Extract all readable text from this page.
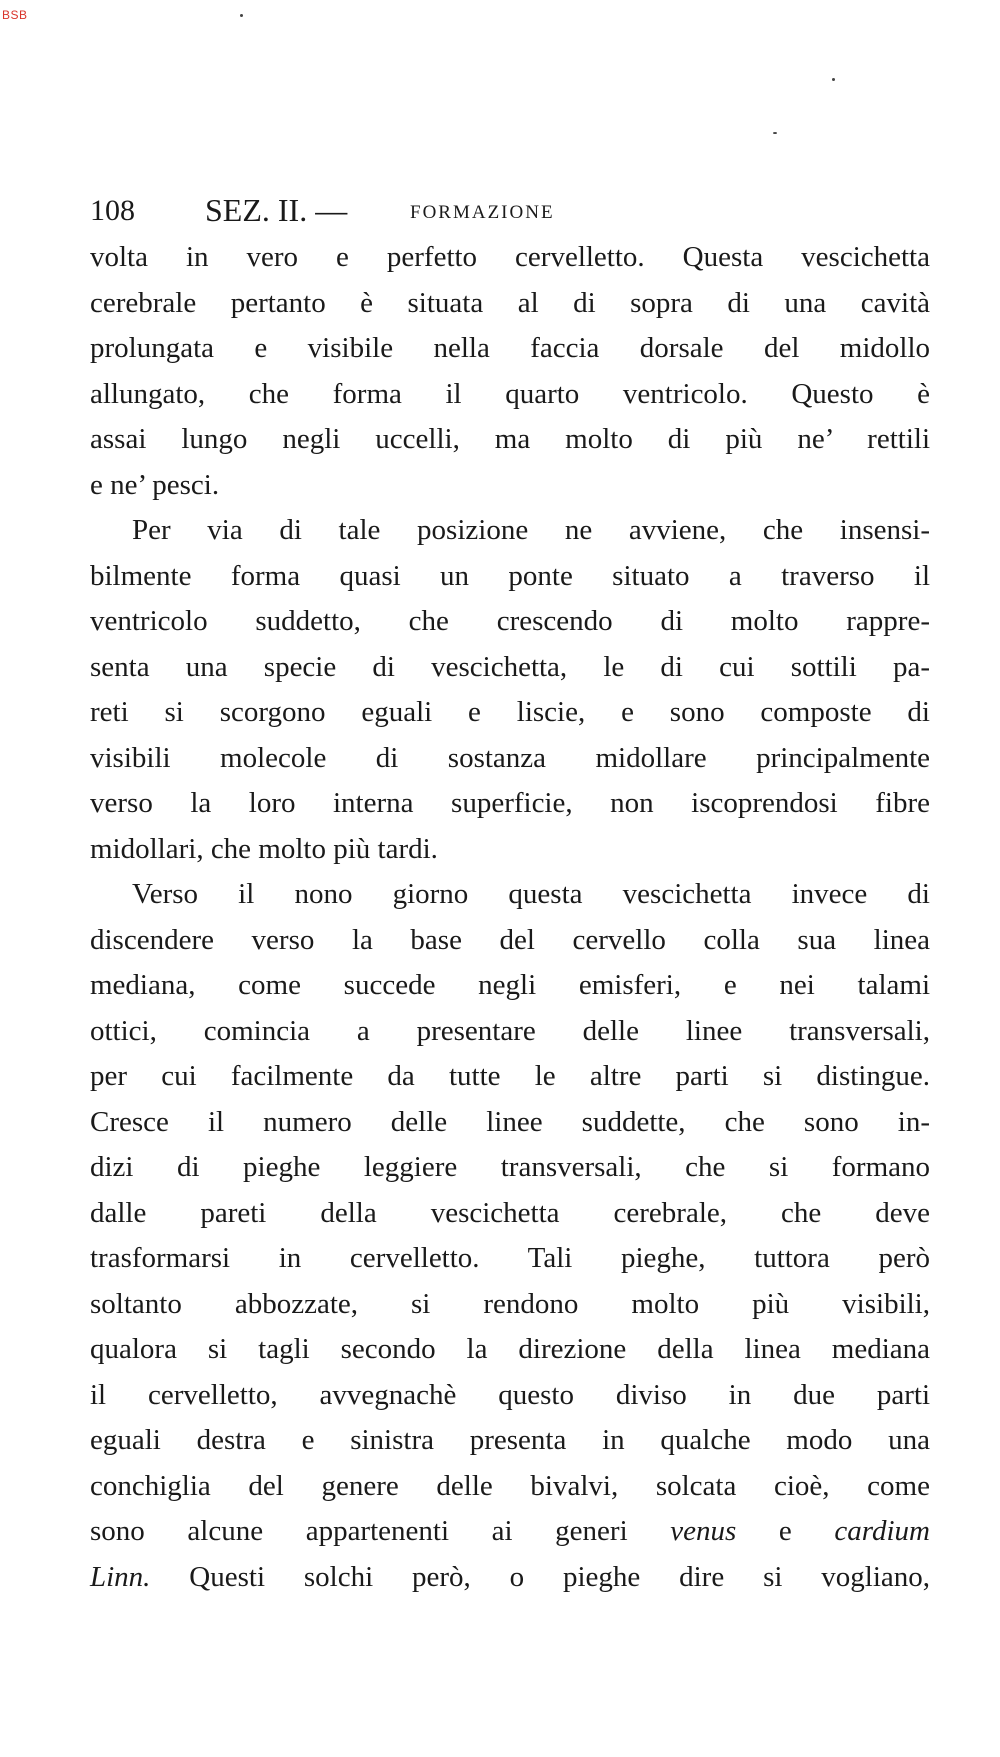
BSB
108 SEZ. II. —	FORMAZIONE
volta in vero e perfetto cervelletto. Questa vescichetta
cerebrale pertanto è situata al di sopra di una cavità
prolungata e visibile nella faccia dorsale del midollo
allungato, che forma il quarto ventricolo. Questo è
assai lungo negli uccelli, ma molto di più ne’ rettili
e ne’ pesci.
Per via di tale posizione ne avviene, che insensi-
bilmente forma quasi un ponte situato a traverso il
ventricolo suddetto, che crescendo di molto rappre-
senta una specie di vescichetta, le di cui sottili pa-
reti si scorgono eguali e liscie, e sono composte di
visibili molecole di sostanza midollare principalmente
verso la loro interna superficie, non iscoprendosi fibre
midollari, che molto più tardi.
Verso il nono giorno questa vescichetta invece di
discendere verso la base del cervello colla sua linea
mediana, come succede negli emisferi, e nei talami
ottici, comincia a presentare delle linee transversali,
per cui facilmente da tutte le altre parti si distingue.
Cresce il numero delle linee suddette, che sono in-
dizi di pieghe leggiere transversali, che si formano
dalle pareti della vescichetta cerebrale, che deve
trasformarsi in cervelletto. Tali pieghe, tuttora però
soltanto abbozzate, si rendono molto più visibili,
qualora si tagli secondo la direzione della linea mediana
il cervelletto, avvegnachè questo diviso in due parti
eguali destra e sinistra presenta in qualche modo una
conchiglia del genere delle bivalvi, solcata cioè, come
sono alcune appartenenti ai generi venus e cardium
Linn. Questi solchi però, o pieghe dire si vogliano,
